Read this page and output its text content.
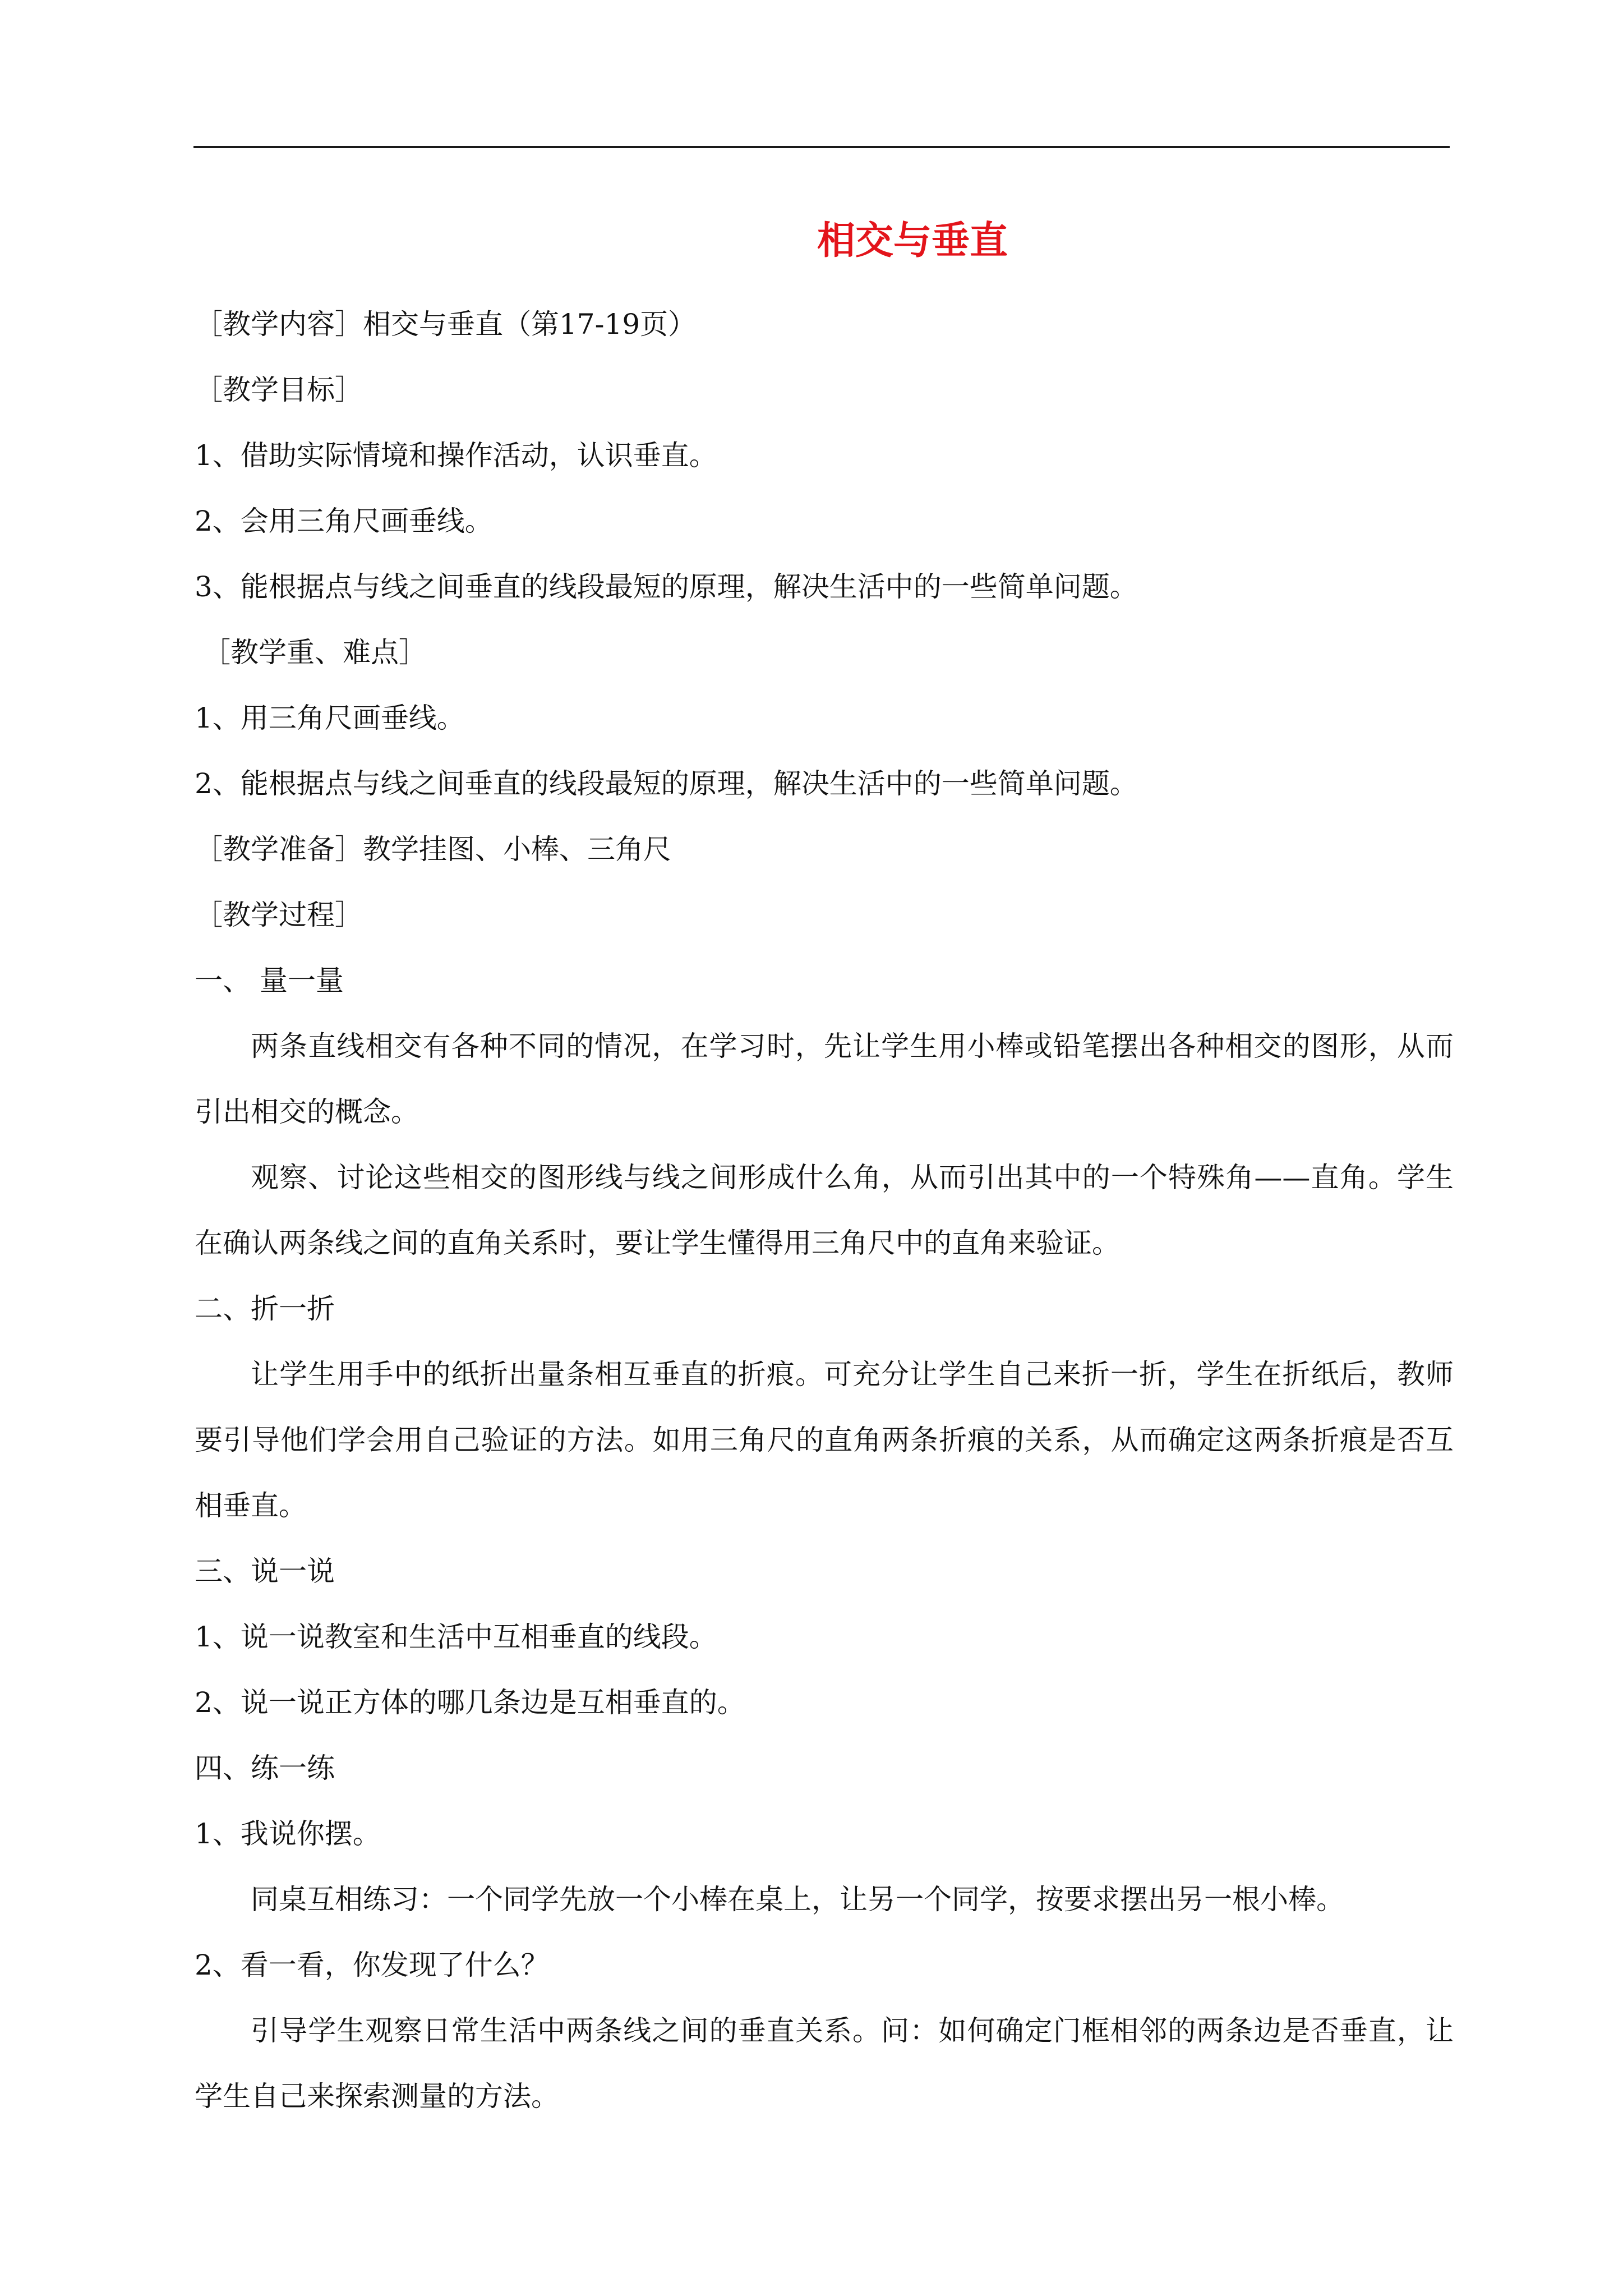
相交与垂直

［教学内容］相交与垂直（第17-19页）

［教学目标］

1、借助实际情境和操作活动，认识垂直。

2、会用三角尺画垂线。

3、能根据点与线之间垂直的线段最短的原理，解决生活中的一些简单问题。

［教学重、难点］

1、用三角尺画垂线。

2、能根据点与线之间垂直的线段最短的原理，解决生活中的一些简单问题。

［教学准备］教学挂图、小棒、三角尺

［教学过程］

一、 量一量

两条直线相交有各种不同的情况，在学习时，先让学生用小棒或铅笔摆出各种相交的图形，从而引出相交的概念。

观察、讨论这些相交的图形线与线之间形成什么角，从而引出其中的一个特殊角——直角。学生在确认两条线之间的直角关系时，要让学生懂得用三角尺中的直角来验证。

二、折一折

让学生用手中的纸折出量条相互垂直的折痕。可充分让学生自己来折一折，学生在折纸后，教师要引导他们学会用自己验证的方法。如用三角尺的直角两条折痕的关系，从而确定这两条折痕是否互相垂直。

三、说一说

1、说一说教室和生活中互相垂直的线段。

2、说一说正方体的哪几条边是互相垂直的。

四、练一练

1、我说你摆。

同桌互相练习：一个同学先放一个小棒在桌上，让另一个同学，按要求摆出另一根小棒。

2、看一看，你发现了什么？

引导学生观察日常生活中两条线之间的垂直关系。问：如何确定门框相邻的两条边是否垂直，让学生自己来探索测量的方法。
